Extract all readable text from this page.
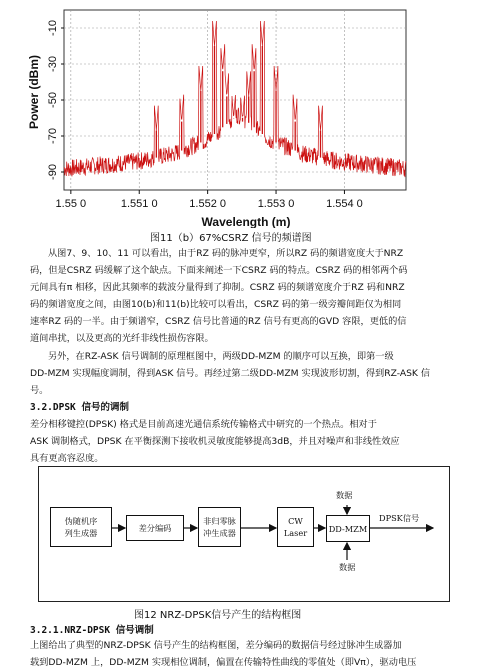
-10
-30
-50
-70
-90
1.55 0	1.551 0	1.552 0	1.553 0	1.554 0
Power (dBm)
Wavelength (m)
图11（b）67%CSRZ 信号的频谱图
从图7、9、10、11 可以看出，由于RZ 码的脉冲更窄，所以RZ 码的频谱宽度大于NRZ
码，但是CSRZ 码缓解了这个缺点。下面来阐述一下CSRZ 码的特点。CSRZ 码的相邻两个码
元间具有π 相移，因此其频率的载波分量得到了抑制。CSRZ 码的频谱宽度介于RZ 码和NRZ
码的频谱宽度之间，由图10(b)和11(b)比较可以看出，CSRZ 码的第一级旁瓣间距仅为相同
速率RZ 码的一半。由于频谱窄，CSRZ 信号比普通的RZ 信号有更高的GVD 容限，更低的信
道间串扰，以及更高的光纤非线性损伤容限。
另外，在RZ-ASK 信号调制的原理框图中，两级DD-MZM 的顺序可以互换，即第一级
DD-MZM 实现幅度调制，得到ASK 信号。再经过第二级DD-MZM 实现波形切割，得到RZ-ASK 信
号。
3.2.DPSK 信号的调制
差分相移键控(DPSK) 格式是目前高速光通信系统传输格式中研究的一个热点。相对于
ASK 调制格式，DPSK 在平衡探测下接收机灵敏度能够提高3dB，并且对噪声和非线性效应
具有更高容忍度。
伪随机序
列生成器	差分编码
非归零脉
冲生成器
CW
Laser	DD-MZM
数据
数据
DPSK信号
图12 NRZ-DPSK信号产生的结构框图
3.2.1.NRZ-DPSK 信号调制
上图给出了典型的NRZ-DPSK 信号产生的结构框图，差分编码的数据信号经过脉冲生成器加
载到DD-MZM 上，DD-MZM 实现相位调制，偏置在传输特性曲线的零值处（即Vπ），驱动电压
